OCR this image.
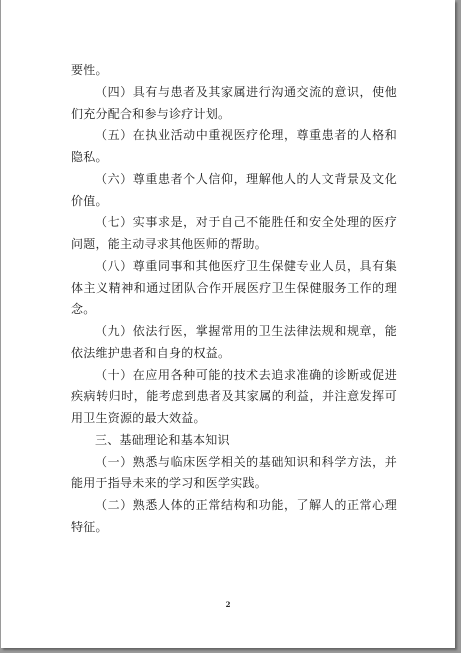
要性。

（四）具有与患者及其家属进行沟通交流的意识，使他们充分配合和参与诊疗计划。

（五）在执业活动中重视医疗伦理，尊重患者的人格和隐私。

（六）尊重患者个人信仰，理解他人的人文背景及文化价值。

（七）实事求是，对于自己不能胜任和安全处理的医疗问题，能主动寻求其他医师的帮助。

（八）尊重同事和其他医疗卫生保健专业人员，具有集体主义精神和通过团队合作开展医疗卫生保健服务工作的理念。

（九）依法行医，掌握常用的卫生法律法规和规章，能依法维护患者和自身的权益。

（十）在应用各种可能的技术去追求准确的诊断或促进疾病转归时，能考虑到患者及其家属的利益，并注意发挥可用卫生资源的最大效益。

三、基础理论和基本知识

（一）熟悉与临床医学相关的基础知识和科学方法，并能用于指导未来的学习和医学实践。

（二）熟悉人体的正常结构和功能，了解人的正常心理特征。

2
